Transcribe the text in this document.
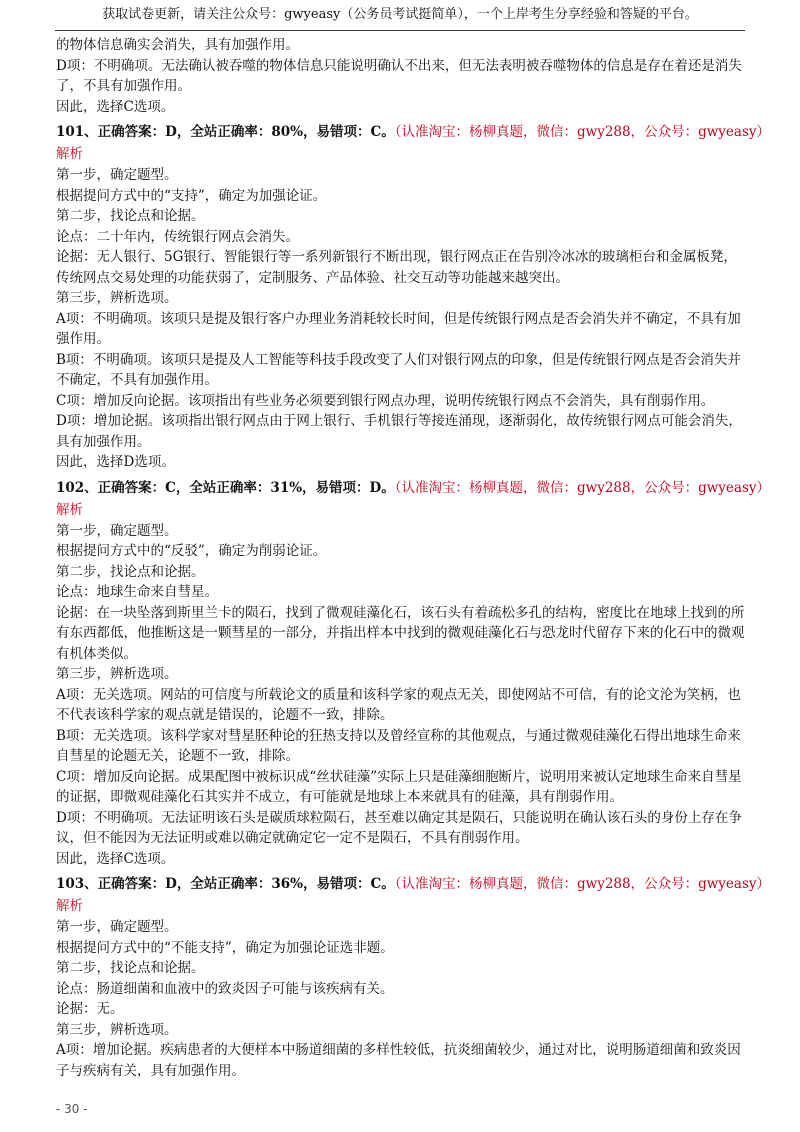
获取试卷更新，请关注公众号：gwyeasy（公务员考试挺简单），一个上岸考生分享经验和答疑的平台。

的物体信息确实会消失，具有加强作用。

D项：不明确项。无法确认被吞噬的物体信息只能说明确认不出来，但无法表明被吞噬物体的信息是存在着还是消失了，不具有加强作用。

因此，选择C选项。

101、正确答案：D，全站正确率：80%，易错项：C。（认准淘宝：杨柳真题，微信：gwy288，公众号：gwyeasy）
解析

第一步，确定题型。

根据提问方式中的“支持”，确定为加强论证。

第二步，找论点和论据。

论点：二十年内，传统银行网点会消失。

论据：无人银行、5G银行、智能银行等一系列新银行不断出现，银行网点正在告别冷冰冰的玻璃柜台和金属板凳，传统网点交易处理的功能获弱了，定制服务、产品体验、社交互动等功能越来越突出。

第三步，辨析选项。

A项：不明确项。该项只是提及银行客户办理业务消耗较长时间，但是传统银行网点是否会消失并不确定，不具有加强作用。

B项：不明确项。该项只是提及人工智能等科技手段改变了人们对银行网点的印象，但是传统银行网点是否会消失并不确定，不具有加强作用。

C项：增加反向论据。该项指出有些业务必须要到银行网点办理，说明传统银行网点不会消失，具有削弱作用。

D项：增加论据。该项指出银行网点由于网上银行、手机银行等接连涌现，逐渐弱化，故传统银行网点可能会消失，具有加强作用。

因此，选择D选项。

102、正确答案：C，全站正确率：31%，易错项：D。（认准淘宝：杨柳真题，微信：gwy288，公众号：gwyeasy）
解析

第一步，确定题型。

根据提问方式中的“反驳”，确定为削弱论证。

第二步，找论点和论据。

论点：地球生命来自彗星。

论据：在一块坠落到斯里兰卡的陨石，找到了微观硅藻化石，该石头有着疏松多孔的结构，密度比在地球上找到的所有东西都低，他推断这是一颗彗星的一部分，并指出样本中找到的微观硅藻化石与恐龙时代留存下来的化石中的微观有机体类似。

第三步，辨析选项。

A项：无关选项。网站的可信度与所载论文的质量和该科学家的观点无关，即使网站不可信，有的论文沦为笑柄，也不代表该科学家的观点就是错误的，论题不一致，排除。

B项：无关选项。该科学家对彗星胚种论的狂热支持以及曾经宣称的其他观点，与通过微观硅藻化石得出地球生命来自彗星的论题无关，论题不一致，排除。

C项：增加反向论据。成果配图中被标识成“丝状硅藻”实际上只是硅藻细胞断片，说明用来被认定地球生命来自彗星的证据，即微观硅藻化石其实并不成立，有可能就是地球上本来就具有的硅藻，具有削弱作用。

D项：不明确项。无法证明该石头是碳质球粒陨石，甚至难以确定其是陨石，只能说明在确认该石头的身份上存在争议，但不能因为无法证明或难以确定就确定它一定不是陨石，不具有削弱作用。

因此，选择C选项。

103、正确答案：D，全站正确率：36%，易错项：C。（认准淘宝：杨柳真题，微信：gwy288，公众号：gwyeasy）
解析

第一步，确定题型。

根据提问方式中的“不能支持”，确定为加强论证选非题。

第二步，找论点和论据。

论点：肠道细菌和血液中的致炎因子可能与该疾病有关。

论据：无。

第三步，辨析选项。

A项：增加论据。疾病患者的大便样本中肠道细菌的多样性较低，抗炎细菌较少，通过对比，说明肠道细菌和致炎因子与疾病有关，具有加强作用。

- 30 -
